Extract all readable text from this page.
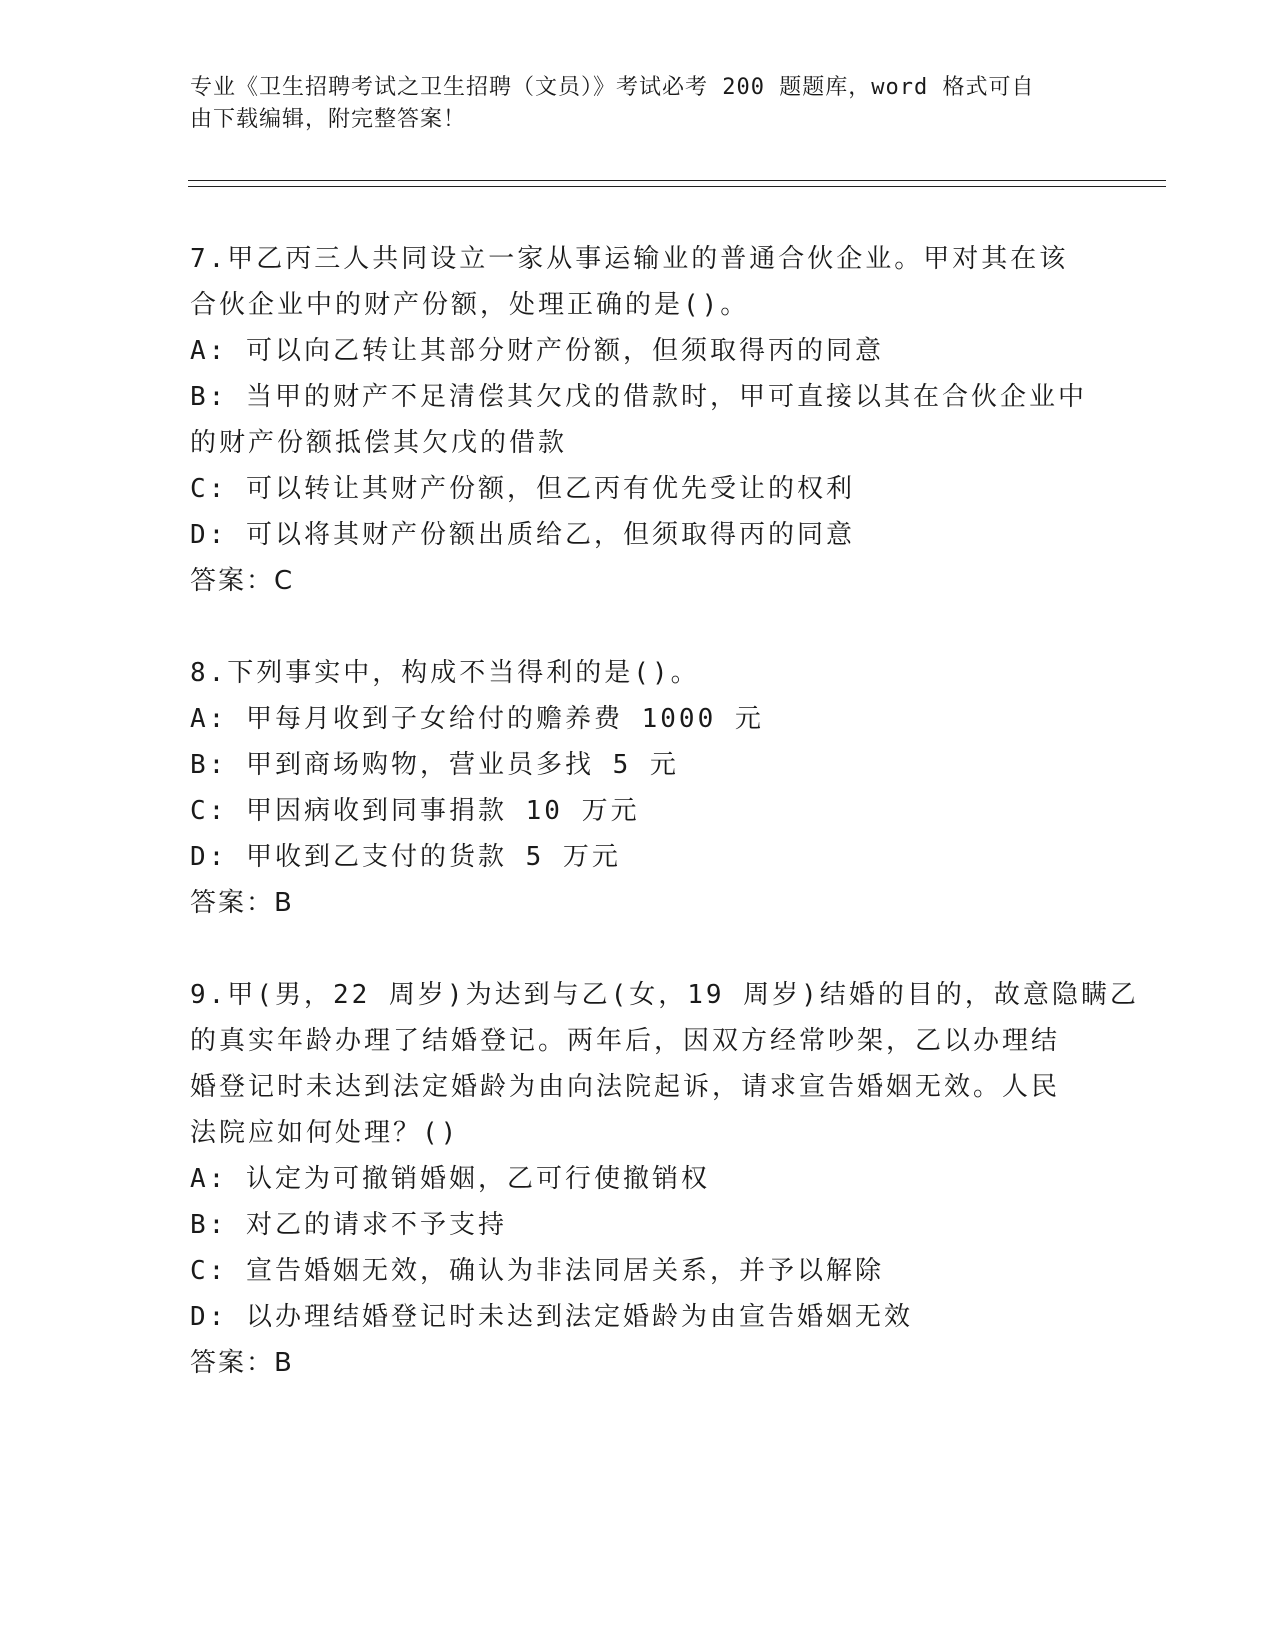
专业《卫生招聘考试之卫生招聘（文员）》考试必考 200 题题库，word 格式可自
由下载编辑，附完整答案！
7.甲乙丙三人共同设立一家从事运输业的普通合伙企业。甲对其在该
合伙企业中的财产份额，处理正确的是()。
A: 可以向乙转让其部分财产份额，但须取得丙的同意
B: 当甲的财产不足清偿其欠戊的借款时，甲可直接以其在合伙企业中
的财产份额抵偿其欠戊的借款
C: 可以转让其财产份额，但乙丙有优先受让的权利
D: 可以将其财产份额出质给乙，但须取得丙的同意
答案：C
8.下列事实中，构成不当得利的是()。
A: 甲每月收到子女给付的赡养费 1000 元
B: 甲到商场购物，营业员多找 5 元
C: 甲因病收到同事捐款 10 万元
D: 甲收到乙支付的货款 5 万元
答案：B
9.甲(男，22 周岁)为达到与乙(女，19 周岁)结婚的目的，故意隐瞒乙
的真实年龄办理了结婚登记。两年后，因双方经常吵架，乙以办理结
婚登记时未达到法定婚龄为由向法院起诉，请求宣告婚姻无效。人民
法院应如何处理？()
A: 认定为可撤销婚姻，乙可行使撤销权
B: 对乙的请求不予支持
C: 宣告婚姻无效，确认为非法同居关系，并予以解除
D: 以办理结婚登记时未达到法定婚龄为由宣告婚姻无效
答案：B
